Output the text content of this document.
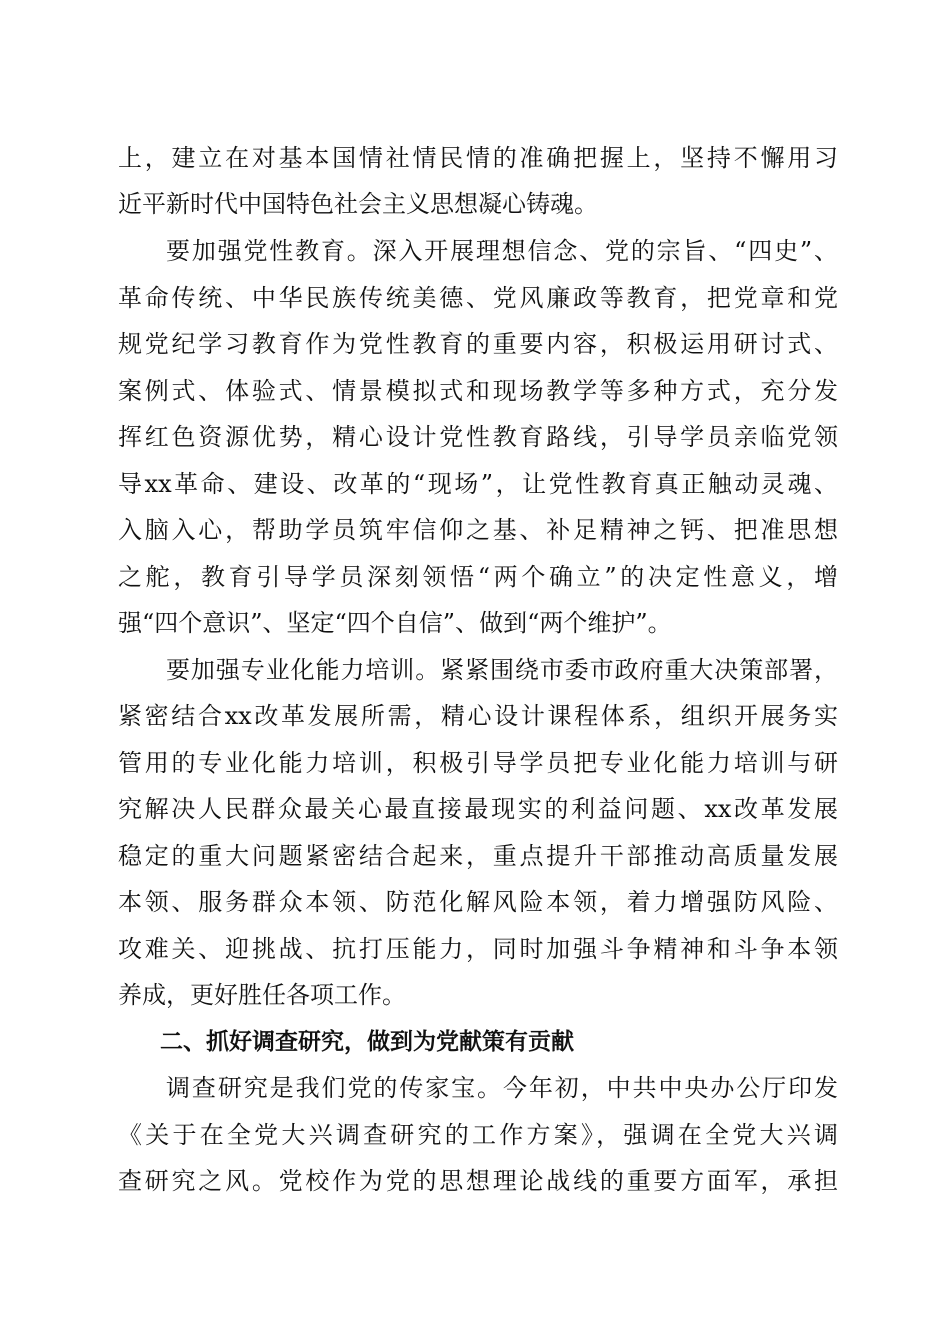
上，建立在对基本国情社情民情的准确把握上，坚持不懈用习
近平新时代中国特色社会主义思想凝心铸魂。
要加强党性教育。深入开展理想信念、党的宗旨、“四史”、
革命传统、中华民族传统美德、党风廉政等教育，把党章和党
规党纪学习教育作为党性教育的重要内容，积极运用研讨式、
案例式、体验式、情景模拟式和现场教学等多种方式，充分发
挥红色资源优势，精心设计党性教育路线，引导学员亲临党领
导xx革命、建设、改革的“现场”，让党性教育真正触动灵魂、
入脑入心，帮助学员筑牢信仰之基、补足精神之钙、把准思想
之舵，教育引导学员深刻领悟“两个确立”的决定性意义，增
强“四个意识”、坚定“四个自信”、做到“两个维护”。
要加强专业化能力培训。紧紧围绕市委市政府重大决策部署，
紧密结合xx改革发展所需，精心设计课程体系，组织开展务实
管用的专业化能力培训，积极引导学员把专业化能力培训与研
究解决人民群众最关心最直接最现实的利益问题、xx改革发展
稳定的重大问题紧密结合起来，重点提升干部推动高质量发展
本领、服务群众本领、防范化解风险本领，着力增强防风险、
攻难关、迎挑战、抗打压能力，同时加强斗争精神和斗争本领
养成，更好胜任各项工作。
二、抓好调查研究，做到为党献策有贡献
调查研究是我们党的传家宝。今年初，中共中央办公厅印发
《关于在全党大兴调查研究的工作方案》，强调在全党大兴调
查研究之风。党校作为党的思想理论战线的重要方面军，承担
